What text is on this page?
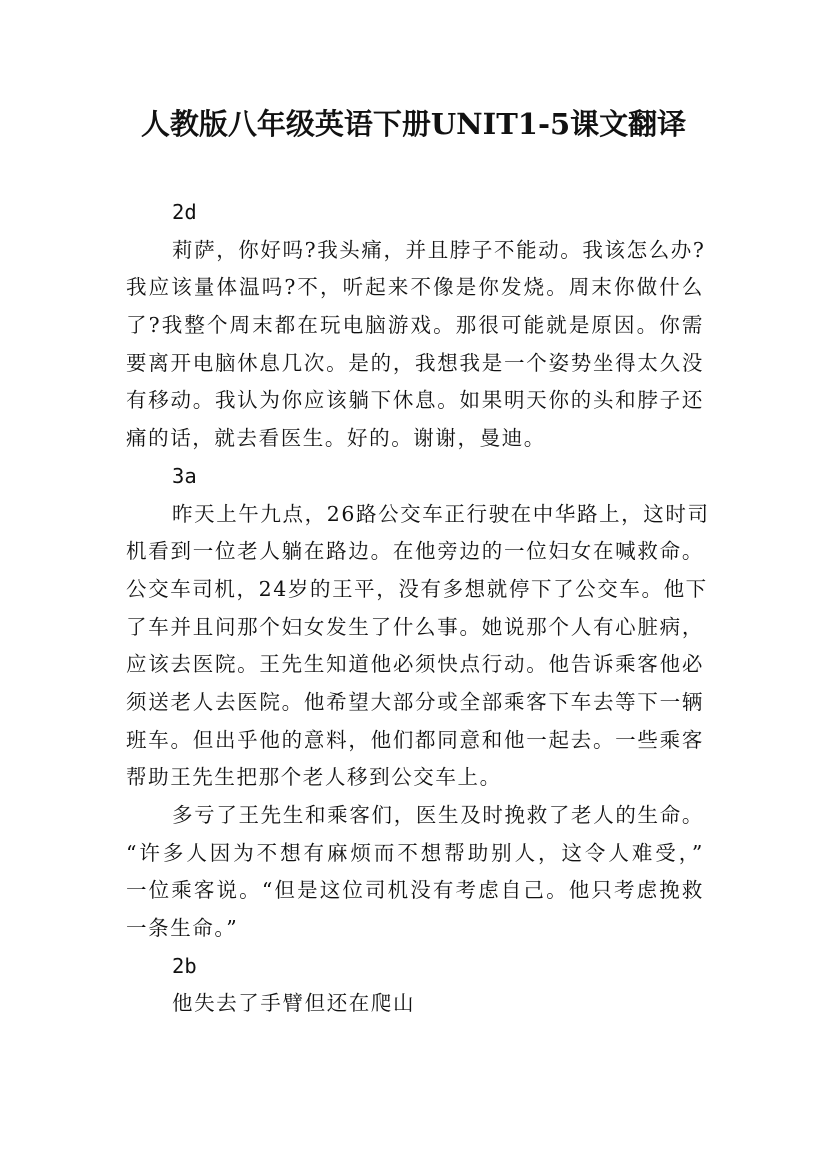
人教版八年级英语下册UNIT1-5课文翻译
2d
莉萨，你好吗?我头痛，并且脖子不能动。我该怎么办?
我应该量体温吗?不，听起来不像是你发烧。周末你做什么
了?我整个周末都在玩电脑游戏。那很可能就是原因。你需
要离开电脑休息几次。是的，我想我是一个姿势坐得太久没
有移动。我认为你应该躺下休息。如果明天你的头和脖子还
痛的话，就去看医生。好的。谢谢，曼迪。
3a
昨天上午九点，26路公交车正行驶在中华路上，这时司
机看到一位老人躺在路边。在他旁边的一位妇女在喊救命。
公交车司机，24岁的王平，没有多想就停下了公交车。他下
了车并且问那个妇女发生了什么事。她说那个人有心脏病，
应该去医院。王先生知道他必须快点行动。他告诉乘客他必
须送老人去医院。他希望大部分或全部乘客下车去等下一辆
班车。但出乎他的意料，他们都同意和他一起去。一些乘客
帮助王先生把那个老人移到公交车上。
多亏了王先生和乘客们，医生及时挽救了老人的生命。
“许多人因为不想有麻烦而不想帮助别人，这令人难受，”
一位乘客说。“但是这位司机没有考虑自己。他只考虑挽救
一条生命。”
2b
他失去了手臂但还在爬山
